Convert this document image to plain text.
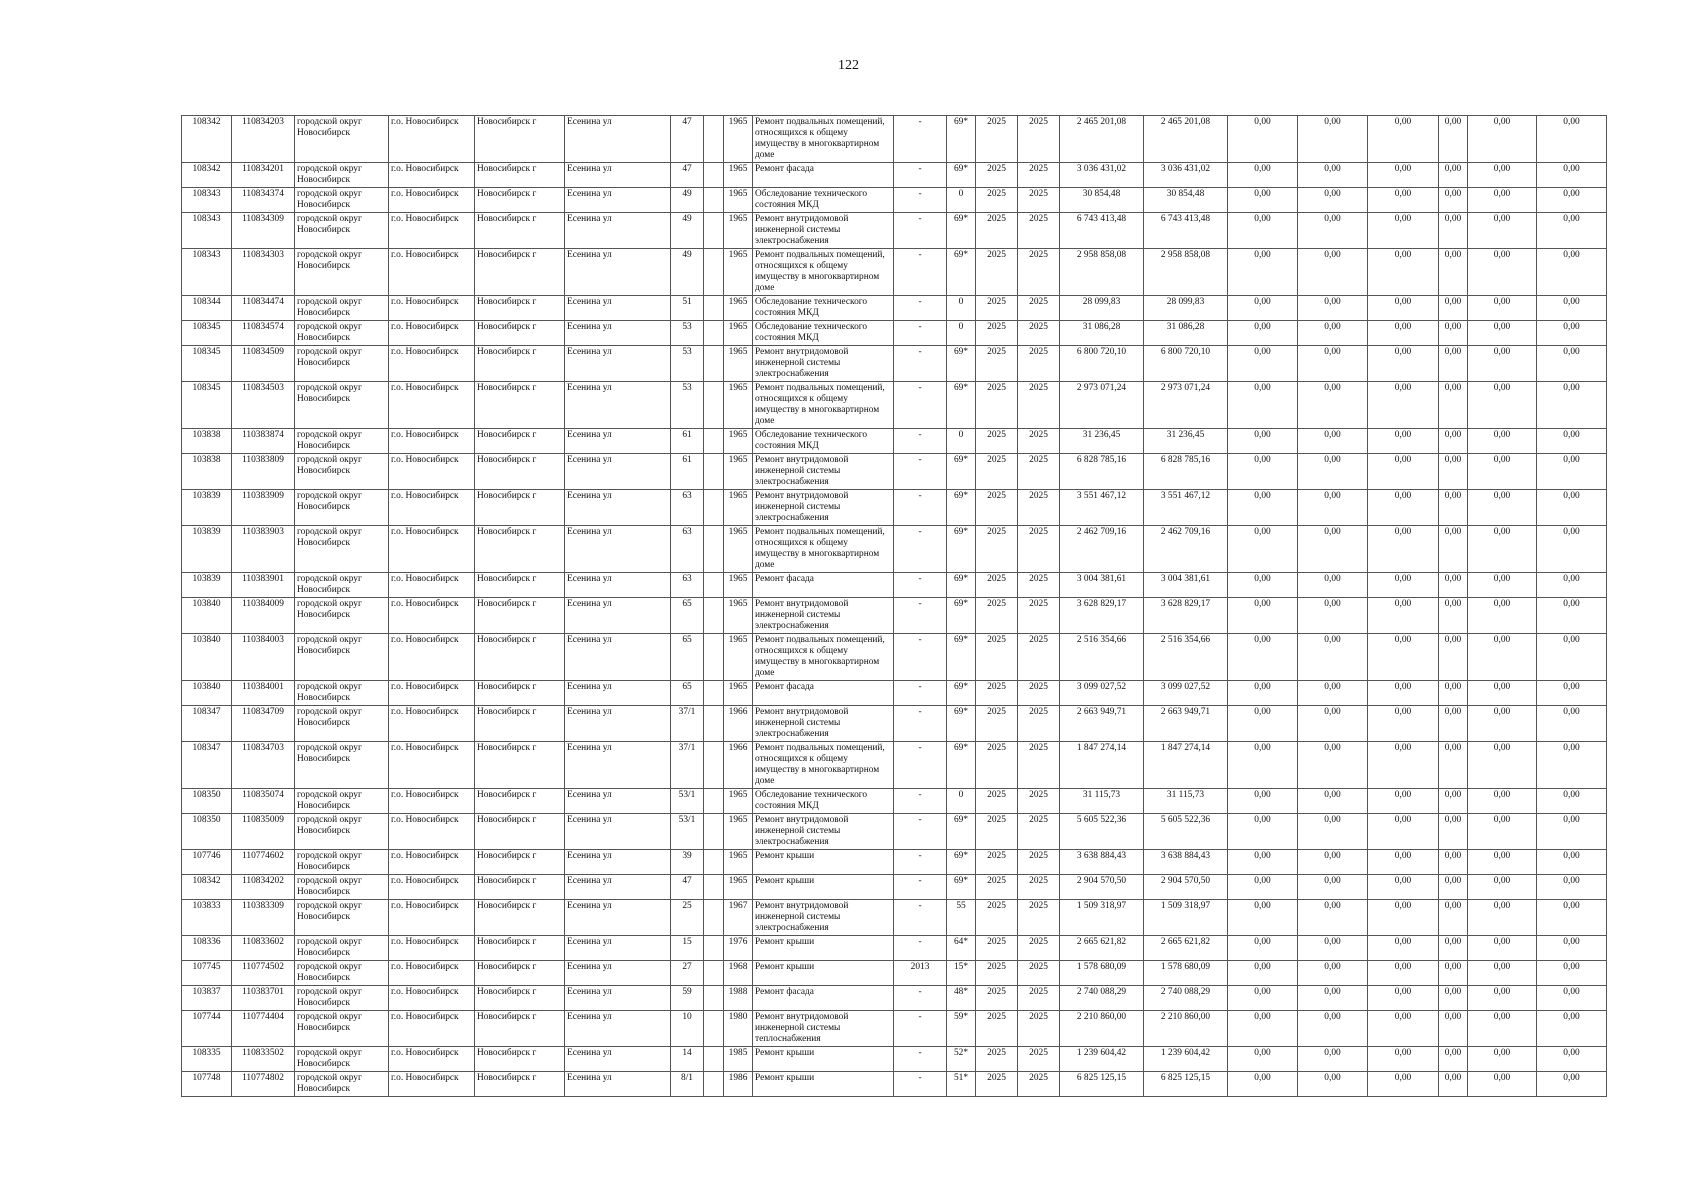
122
108342	110834203	городской округ Новосибирск	г.о. Новосибирск	Новосибирск г	Есенина ул	47		1965	Ремонт подвальных помещений, относящихся к общему имуществу в многоквартирном доме	-	69*	2025	2025	2 465 201,08	2 465 201,08	0,00	0,00	0,00	0,00	0,00	0,00
108342	110834201	городской округ Новосибирск	г.о. Новосибирск	Новосибирск г	Есенина ул	47		1965	Ремонт фасада	-	69*	2025	2025	3 036 431,02	3 036 431,02	0,00	0,00	0,00	0,00	0,00	0,00
108343	110834374	городской округ Новосибирск	г.о. Новосибирск	Новосибирск г	Есенина ул	49		1965	Обследование технического состояния МКД	-	0	2025	2025	30 854,48	30 854,48	0,00	0,00	0,00	0,00	0,00	0,00
108343	110834309	городской округ Новосибирск	г.о. Новосибирск	Новосибирск г	Есенина ул	49		1965	Ремонт внутридомовой инженерной системы электроснабжения	-	69*	2025	2025	6 743 413,48	6 743 413,48	0,00	0,00	0,00	0,00	0,00	0,00
108343	110834303	городской округ Новосибирск	г.о. Новосибирск	Новосибирск г	Есенина ул	49		1965	Ремонт подвальных помещений, относящихся к общему имуществу в многоквартирном доме	-	69*	2025	2025	2 958 858,08	2 958 858,08	0,00	0,00	0,00	0,00	0,00	0,00
108344	110834474	городской округ Новосибирск	г.о. Новосибирск	Новосибирск г	Есенина ул	51		1965	Обследование технического состояния МКД	-	0	2025	2025	28 099,83	28 099,83	0,00	0,00	0,00	0,00	0,00	0,00
108345	110834574	городской округ Новосибирск	г.о. Новосибирск	Новосибирск г	Есенина ул	53		1965	Обследование технического состояния МКД	-	0	2025	2025	31 086,28	31 086,28	0,00	0,00	0,00	0,00	0,00	0,00
108345	110834509	городской округ Новосибирск	г.о. Новосибирск	Новосибирск г	Есенина ул	53		1965	Ремонт внутридомовой инженерной системы электроснабжения	-	69*	2025	2025	6 800 720,10	6 800 720,10	0,00	0,00	0,00	0,00	0,00	0,00
108345	110834503	городской округ Новосибирск	г.о. Новосибирск	Новосибирск г	Есенина ул	53		1965	Ремонт подвальных помещений, относящихся к общему имуществу в многоквартирном доме	-	69*	2025	2025	2 973 071,24	2 973 071,24	0,00	0,00	0,00	0,00	0,00	0,00
103838	110383874	городской округ Новосибирск	г.о. Новосибирск	Новосибирск г	Есенина ул	61		1965	Обследование технического состояния МКД	-	0	2025	2025	31 236,45	31 236,45	0,00	0,00	0,00	0,00	0,00	0,00
103838	110383809	городской округ Новосибирск	г.о. Новосибирск	Новосибирск г	Есенина ул	61		1965	Ремонт внутридомовой инженерной системы электроснабжения	-	69*	2025	2025	6 828 785,16	6 828 785,16	0,00	0,00	0,00	0,00	0,00	0,00
103839	110383909	городской округ Новосибирск	г.о. Новосибирск	Новосибирск г	Есенина ул	63		1965	Ремонт внутридомовой инженерной системы электроснабжения	-	69*	2025	2025	3 551 467,12	3 551 467,12	0,00	0,00	0,00	0,00	0,00	0,00
103839	110383903	городской округ Новосибирск	г.о. Новосибирск	Новосибирск г	Есенина ул	63		1965	Ремонт подвальных помещений, относящихся к общему имуществу в многоквартирном доме	-	69*	2025	2025	2 462 709,16	2 462 709,16	0,00	0,00	0,00	0,00	0,00	0,00
103839	110383901	городской округ Новосибирск	г.о. Новосибирск	Новосибирск г	Есенина ул	63		1965	Ремонт фасада	-	69*	2025	2025	3 004 381,61	3 004 381,61	0,00	0,00	0,00	0,00	0,00	0,00
103840	110384009	городской округ Новосибирск	г.о. Новосибирск	Новосибирск г	Есенина ул	65		1965	Ремонт внутридомовой инженерной системы электроснабжения	-	69*	2025	2025	3 628 829,17	3 628 829,17	0,00	0,00	0,00	0,00	0,00	0,00
103840	110384003	городской округ Новосибирск	г.о. Новосибирск	Новосибирск г	Есенина ул	65		1965	Ремонт подвальных помещений, относящихся к общему имуществу в многоквартирном доме	-	69*	2025	2025	2 516 354,66	2 516 354,66	0,00	0,00	0,00	0,00	0,00	0,00
103840	110384001	городской округ Новосибирск	г.о. Новосибирск	Новосибирск г	Есенина ул	65		1965	Ремонт фасада	-	69*	2025	2025	3 099 027,52	3 099 027,52	0,00	0,00	0,00	0,00	0,00	0,00
108347	110834709	городской округ Новосибирск	г.о. Новосибирск	Новосибирск г	Есенина ул	37/1		1966	Ремонт внутридомовой инженерной системы электроснабжения	-	69*	2025	2025	2 663 949,71	2 663 949,71	0,00	0,00	0,00	0,00	0,00	0,00
108347	110834703	городской округ Новосибирск	г.о. Новосибирск	Новосибирск г	Есенина ул	37/1		1966	Ремонт подвальных помещений, относящихся к общему имуществу в многоквартирном доме	-	69*	2025	2025	1 847 274,14	1 847 274,14	0,00	0,00	0,00	0,00	0,00	0,00
108350	110835074	городской округ Новосибирск	г.о. Новосибирск	Новосибирск г	Есенина ул	53/1		1965	Обследование технического состояния МКД	-	0	2025	2025	31 115,73	31 115,73	0,00	0,00	0,00	0,00	0,00	0,00
108350	110835009	городской округ Новосибирск	г.о. Новосибирск	Новосибирск г	Есенина ул	53/1		1965	Ремонт внутридомовой инженерной системы электроснабжения	-	69*	2025	2025	5 605 522,36	5 605 522,36	0,00	0,00	0,00	0,00	0,00	0,00
107746	110774602	городской округ Новосибирск	г.о. Новосибирск	Новосибирск г	Есенина ул	39		1965	Ремонт крыши	-	69*	2025	2025	3 638 884,43	3 638 884,43	0,00	0,00	0,00	0,00	0,00	0,00
108342	110834202	городской округ Новосибирск	г.о. Новосибирск	Новосибирск г	Есенина ул	47		1965	Ремонт крыши	-	69*	2025	2025	2 904 570,50	2 904 570,50	0,00	0,00	0,00	0,00	0,00	0,00
103833	110383309	городской округ Новосибирск	г.о. Новосибирск	Новосибирск г	Есенина ул	25		1967	Ремонт внутридомовой инженерной системы электроснабжения	-	55	2025	2025	1 509 318,97	1 509 318,97	0,00	0,00	0,00	0,00	0,00	0,00
108336	110833602	городской округ Новосибирск	г.о. Новосибирск	Новосибирск г	Есенина ул	15		1976	Ремонт крыши	-	64*	2025	2025	2 665 621,82	2 665 621,82	0,00	0,00	0,00	0,00	0,00	0,00
107745	110774502	городской округ Новосибирск	г.о. Новосибирск	Новосибирск г	Есенина ул	27		1968	Ремонт крыши	2013	15*	2025	2025	1 578 680,09	1 578 680,09	0,00	0,00	0,00	0,00	0,00	0,00
103837	110383701	городской округ Новосибирск	г.о. Новосибирск	Новосибирск г	Есенина ул	59		1988	Ремонт фасада	-	48*	2025	2025	2 740 088,29	2 740 088,29	0,00	0,00	0,00	0,00	0,00	0,00
107744	110774404	городской округ Новосибирск	г.о. Новосибирск	Новосибирск г	Есенина ул	10		1980	Ремонт внутридомовой инженерной системы теплоснабжения	-	59*	2025	2025	2 210 860,00	2 210 860,00	0,00	0,00	0,00	0,00	0,00	0,00
108335	110833502	городской округ Новосибирск	г.о. Новосибирск	Новосибирск г	Есенина ул	14		1985	Ремонт крыши	-	52*	2025	2025	1 239 604,42	1 239 604,42	0,00	0,00	0,00	0,00	0,00	0,00
107748	110774802	городской округ Новосибирск	г.о. Новосибирск	Новосибирск г	Есенина ул	8/1		1986	Ремонт крыши	-	51*	2025	2025	6 825 125,15	6 825 125,15	0,00	0,00	0,00	0,00	0,00	0,00
